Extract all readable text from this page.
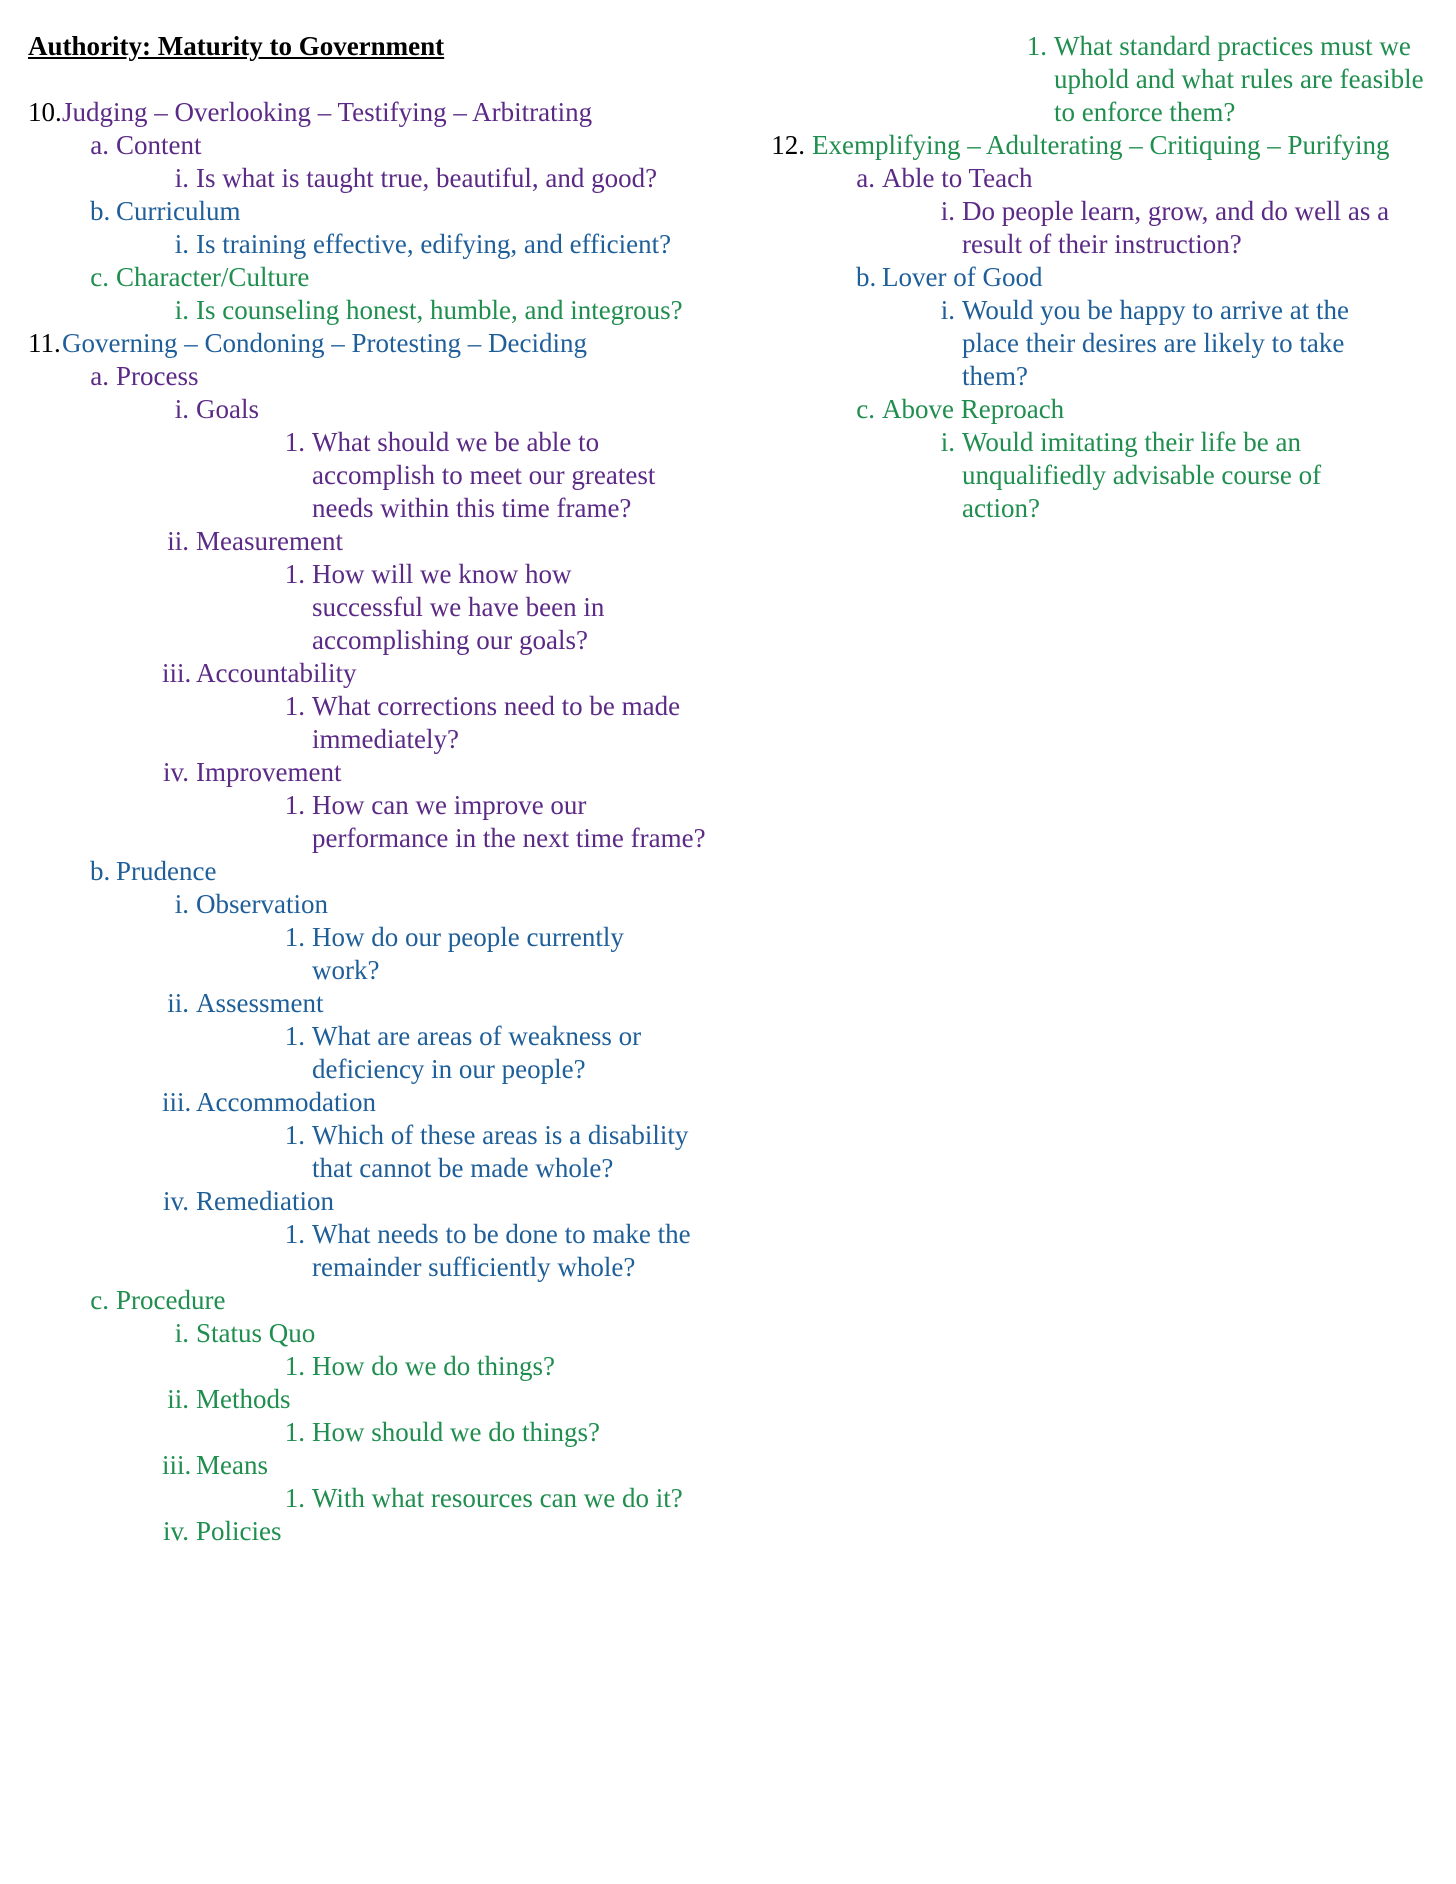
Authority: Maturity to Government
10. Judging – Overlooking – Testifying – Arbitrating
a. Content
i. Is what is taught true, beautiful, and good?
b. Curriculum
i. Is training effective, edifying, and efficient?
c. Character/Culture
i. Is counseling honest, humble, and integrous?
11. Governing – Condoning – Protesting – Deciding
a. Process
i. Goals
1. What should we be able to accomplish to meet our greatest needs within this time frame?
ii. Measurement
1. How will we know how successful we have been in accomplishing our goals?
iii. Accountability
1. What corrections need to be made immediately?
iv. Improvement
1. How can we improve our performance in the next time frame?
b. Prudence
i. Observation
1. How do our people currently work?
ii. Assessment
1. What are areas of weakness or deficiency in our people?
iii. Accommodation
1. Which of these areas is a disability that cannot be made whole?
iv. Remediation
1. What needs to be done to make the remainder sufficiently whole?
c. Procedure
i. Status Quo
1. How do we do things?
ii. Methods
1. How should we do things?
iii. Means
1. With what resources can we do it?
iv. Policies
1. What standard practices must we uphold and what rules are feasible to enforce them?
12. Exemplifying – Adulterating – Critiquing – Purifying
a. Able to Teach
i. Do people learn, grow, and do well as a result of their instruction?
b. Lover of Good
i. Would you be happy to arrive at the place their desires are likely to take them?
c. Above Reproach
i. Would imitating their life be an unqualifiedly advisable course of action?
